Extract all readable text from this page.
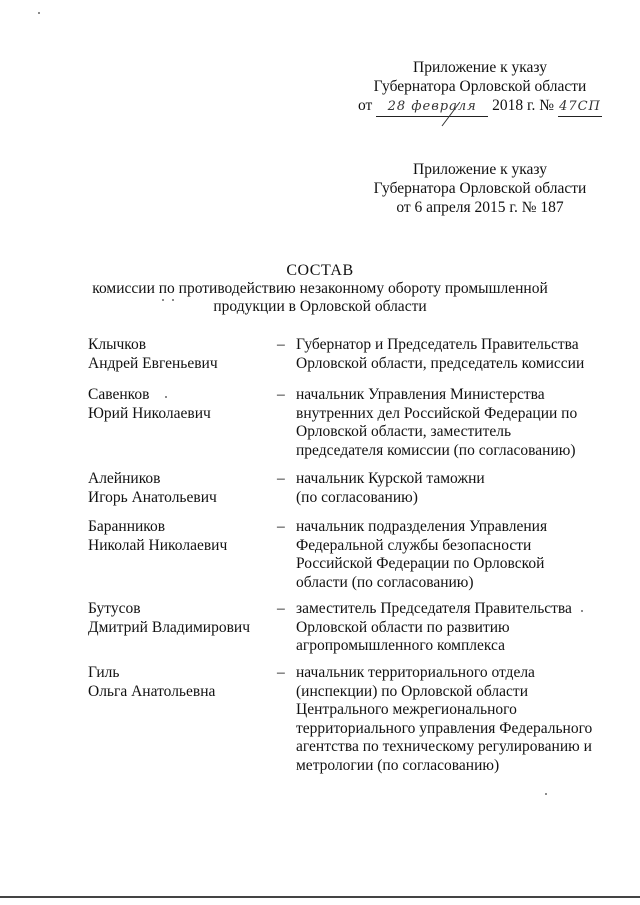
Приложение к указу
Губернатора Орловской области
от 28 февраля 2018 г. № 47СП
Приложение к указу
Губернатора Орловской области
от 6 апреля 2015 г. № 187
СОСТАВ
комиссии по противодействию незаконному обороту промышленной
продукции в Орловской области
Клычков
Андрей Евгеньевич
– Губернатор и Председатель Правительства
Орловской области, председатель комиссии
Савенков
Юрий Николаевич
– начальник Управления Министерства
внутренних дел Российской Федерации по
Орловской области, заместитель
председателя комиссии (по согласованию)
Алейников
Игорь Анатольевич
– начальник Курской таможни
(по согласованию)
Баранников
Николай Николаевич
– начальник подразделения Управления
Федеральной службы безопасности
Российской Федерации по Орловской
области (по согласованию)
Бутусов
Дмитрий Владимирович
– заместитель Председателя Правительства
Орловской области по развитию
агропромышленного комплекса
Гиль
Ольга Анатольевна
– начальник территориального отдела
(инспекции) по Орловской области
Центрального межрегионального
территориального управления Федерального
агентства по техническому регулированию и
метрологии (по согласованию)
